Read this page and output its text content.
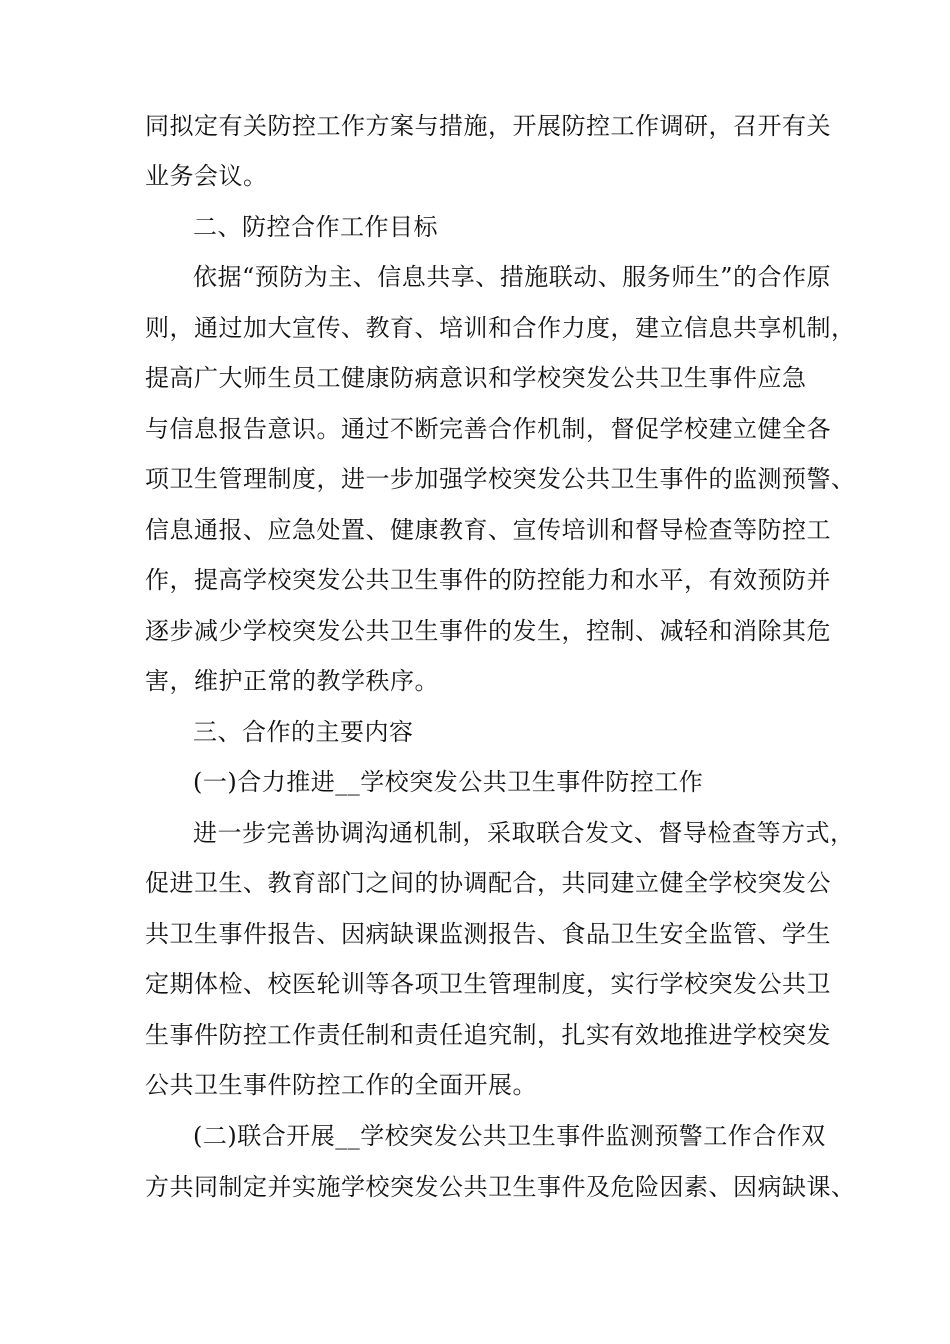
同拟定有关防控工作方案与措施，开展防控工作调研，召开有关
业务会议。
二、防控合作工作目标
依据“预防为主、信息共享、措施联动、服务师生”的合作原
则，通过加大宣传、教育、培训和合作力度，建立信息共享机制，
提高广大师生员工健康防病意识和学校突发公共卫生事件应急
与信息报告意识。通过不断完善合作机制，督促学校建立健全各
项卫生管理制度，进一步加强学校突发公共卫生事件的监测预警、
信息通报、应急处置、健康教育、宣传培训和督导检查等防控工
作，提高学校突发公共卫生事件的防控能力和水平，有效预防并
逐步减少学校突发公共卫生事件的发生，控制、减轻和消除其危
害，维护正常的教学秩序。
三、合作的主要内容
(一)合力推进__学校突发公共卫生事件防控工作
进一步完善协调沟通机制，采取联合发文、督导检查等方式，
促进卫生、教育部门之间的协调配合，共同建立健全学校突发公
共卫生事件报告、因病缺课监测报告、食品卫生安全监管、学生
定期体检、校医轮训等各项卫生管理制度，实行学校突发公共卫
生事件防控工作责任制和责任追究制，扎实有效地推进学校突发
公共卫生事件防控工作的全面开展。
(二)联合开展__学校突发公共卫生事件监测预警工作合作双
方共同制定并实施学校突发公共卫生事件及危险因素、因病缺课、
